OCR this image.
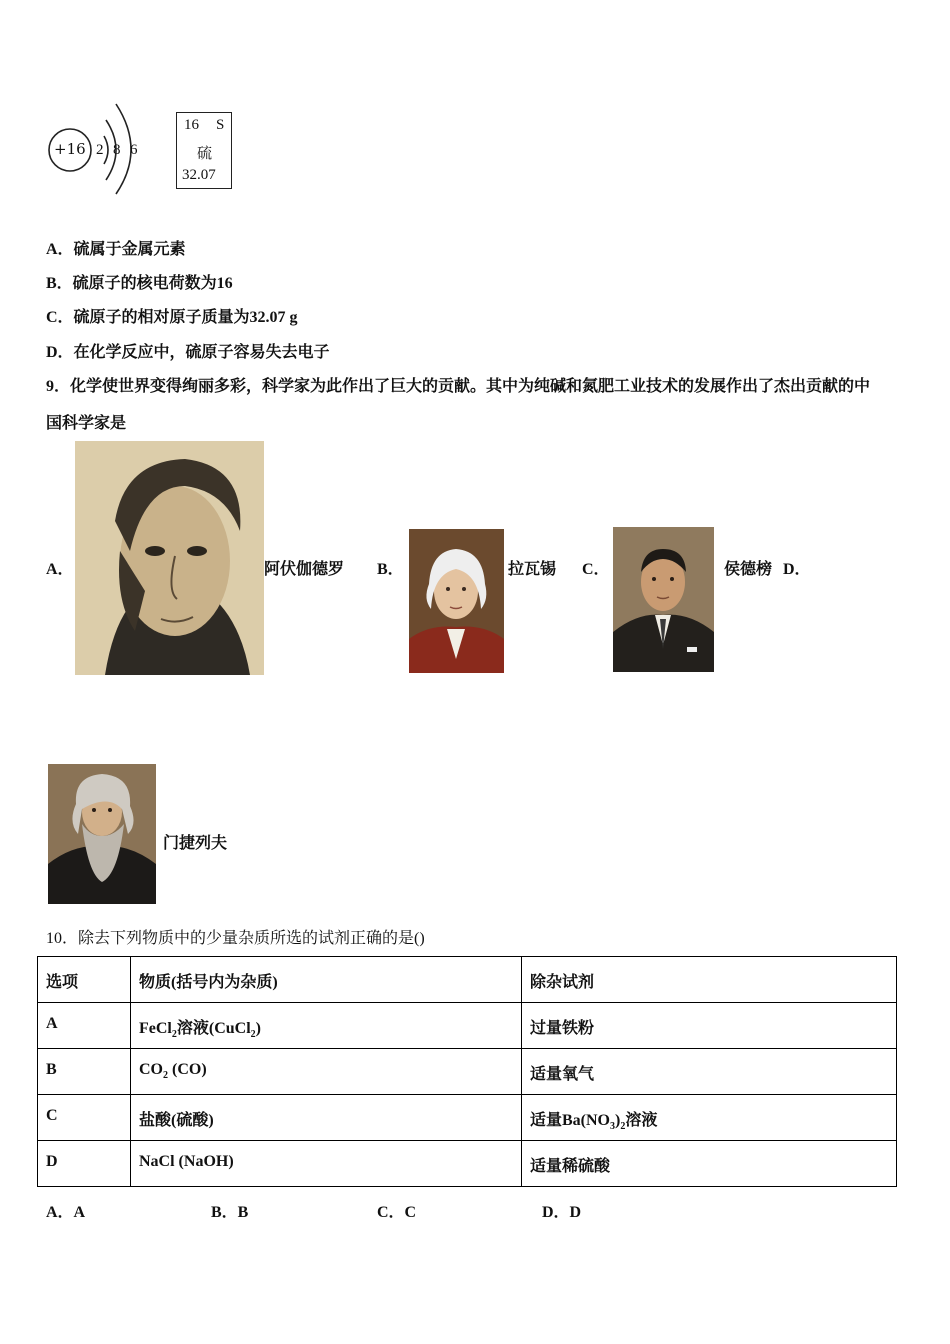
+16 2 8 6
16 S
硫
32.07
A．硫属于金属元素
B．硫原子的核电荷数为16
C．硫原子的相对原子质量为32.07 g
D．在化学反应中，硫原子容易失去电子
9．化学使世界变得绚丽多彩，科学家为此作出了巨大的贡献。其中为纯碱和氮肥工业技术的发展作出了杰出贡献的中
国科学家是
A．	阿伏伽德罗 B．	拉瓦锡 C．	侯德榜 D．
门捷列夫
10．除去下列物质中的少量杂质所选的试剂正确的是()
选项	物质(括号内为杂质)	除杂试剂
A	FeCl$_2$溶液(CuCl$_2$)	过量铁粉
B	$CO_2$ (CO)	适量氧气
C	盐酸(硫酸)	适量$Ba(NO_3)_2$溶液
D	NaCl (NaOH)	适量稀硫酸
A．A	B．B	C．C	D．D
